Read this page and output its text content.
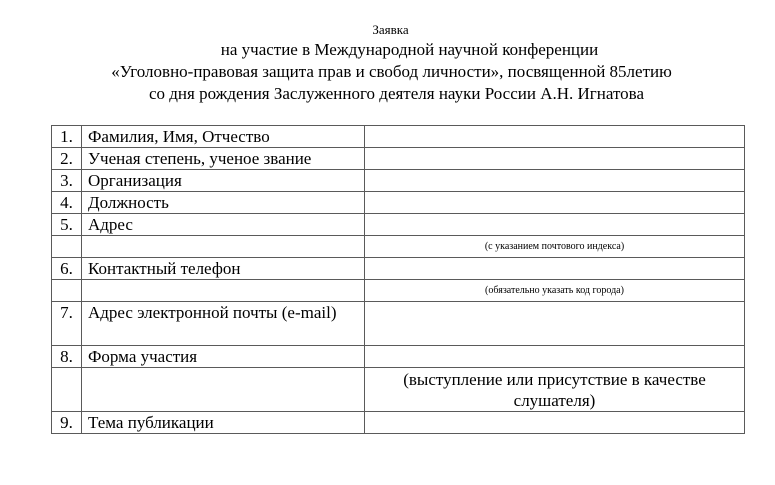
Заявка
на участие в Международной научной конференции
«Уголовно-правовая защита прав и свобод личности», посвященной 85летию
со дня рождения Заслуженного деятеля науки России А.Н. Игнатова
1.	Фамилия, Имя, Отчество	
2.	Ученая степень, ученое звание	
3.	Организация	
4.	Должность	
5.	Адрес	
		(с указанием почтового индекса)
6.	Контактный телефон	
		(обязательно указать код города)
7.	Адрес электронной почты (e-mail)	
8.	Форма участия	
		(выступление или присутствие в качестве слушателя)
9.	Тема публикации	
